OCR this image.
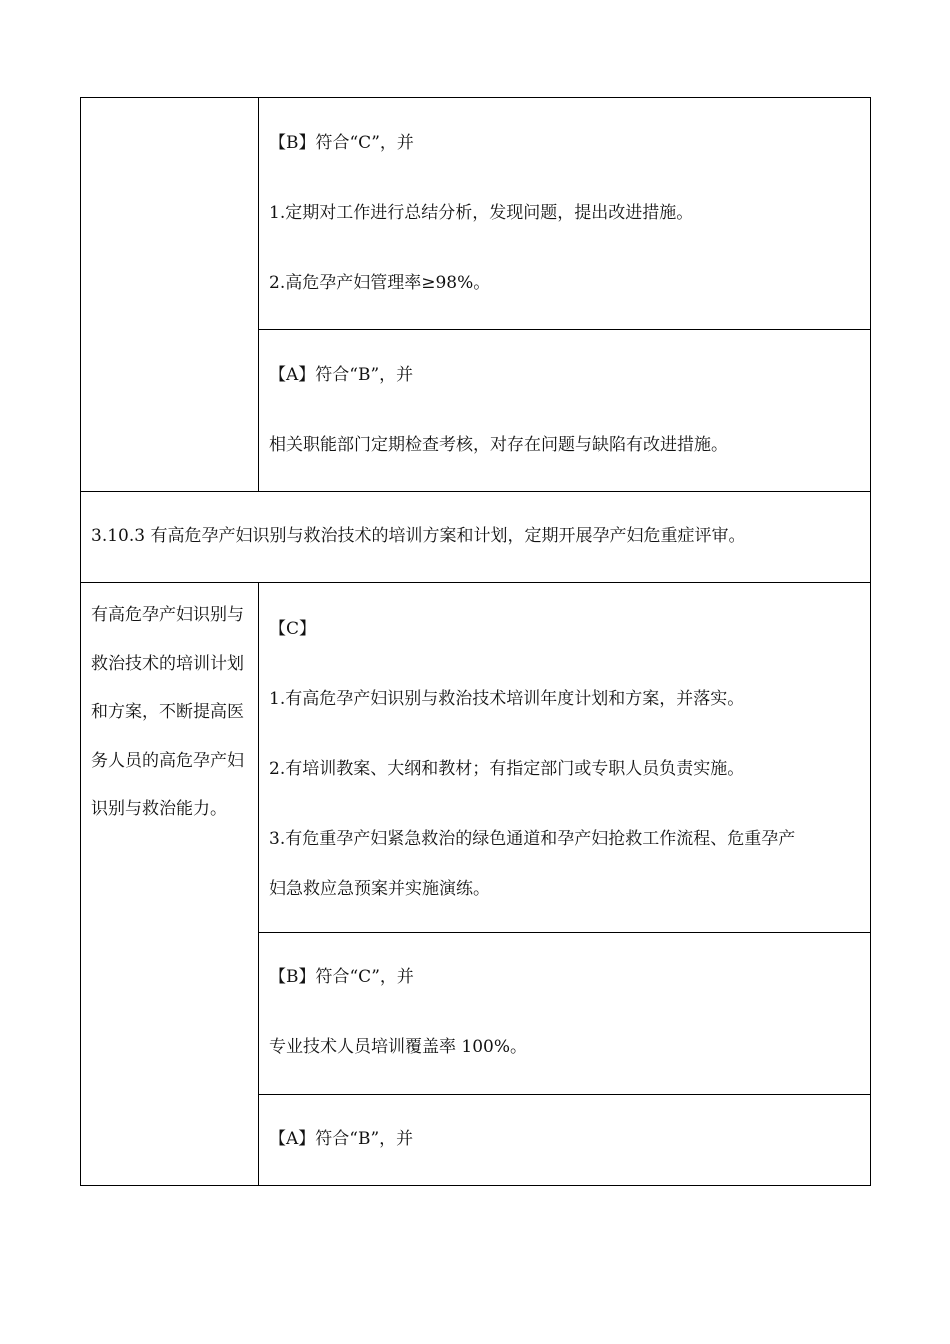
	【B】符合“C”，并
1.定期对工作进行总结分析，发现问题，提出改进措施。
2.高危孕产妇管理率≥98%。

	【A】符合“B”，并
相关职能部门定期检查考核，对存在问题与缺陷有改进措施。

3.10.3 有高危孕产妇识别与救治技术的培训方案和计划，定期开展孕产妇危重症评审。	

有高危孕产妇识别与救治技术的培训计划和方案，不断提高医务人员的高危孕产妇识别与救治能力。	【C】
1.有高危孕产妇识别与救治技术培训年度计划和方案，并落实。
2.有培训教案、大纲和教材；有指定部门或专职人员负责实施。
3.有危重孕产妇紧急救治的绿色通道和孕产妇抢救工作流程、危重孕产
妇急救应急预案并实施演练。

	【B】符合“C”，并
专业技术人员培训覆盖率 100%。

	【A】符合“B”，并
